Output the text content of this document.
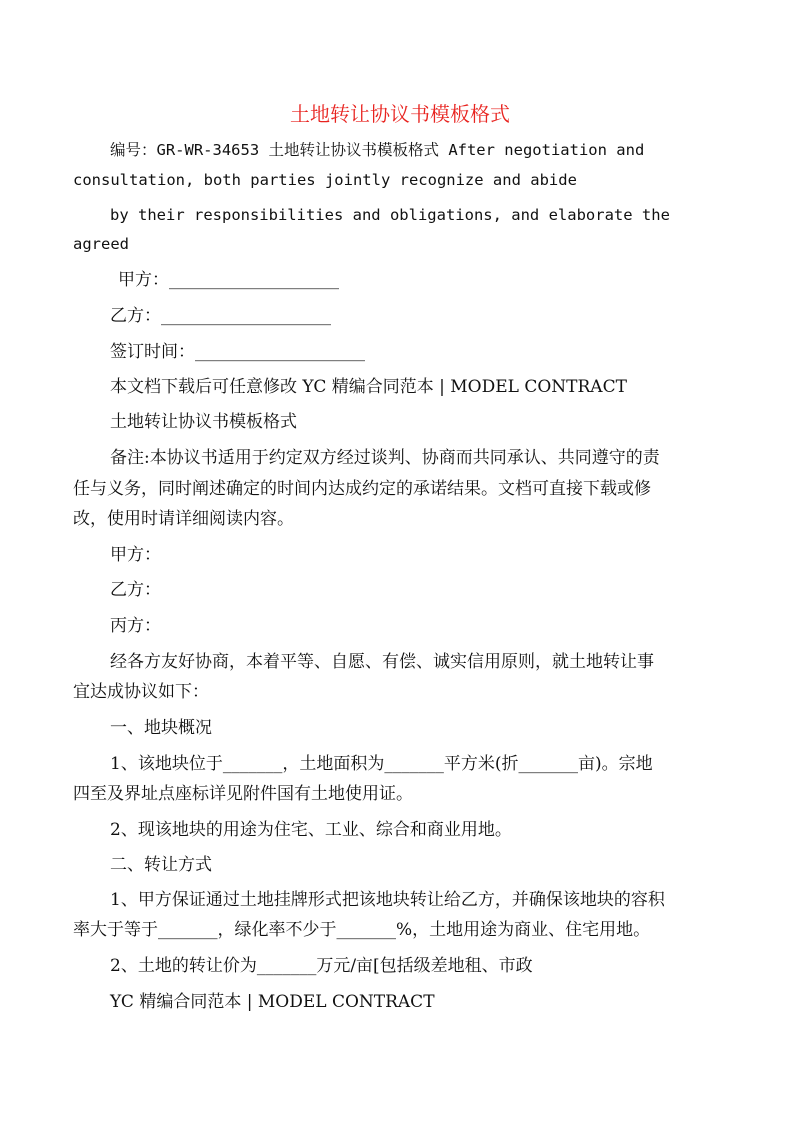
土地转让协议书模板格式
编号：GR-WR-34653 土地转让协议书模板格式 After negotiation and
consultation, both parties jointly recognize and abide
by their responsibilities and obligations, and elaborate the
agreed
甲方：____________________
乙方：____________________
签订时间：____________________
本文档下载后可任意修改 YC 精编合同范本 | MODEL CONTRACT
土地转让协议书模板格式
备注:本协议书适用于约定双方经过谈判、协商而共同承认、共同遵守的责
任与义务，同时阐述确定的时间内达成约定的承诺结果。文档可直接下载或修
改，使用时请详细阅读内容。
甲方：
乙方：
丙方：
经各方友好协商，本着平等、自愿、有偿、诚实信用原则，就土地转让事
宜达成协议如下：
一、地块概况
1、该地块位于_______，土地面积为_______平方米(折_______亩)。宗地
四至及界址点座标详见附件国有土地使用证。
2、现该地块的用途为住宅、工业、综合和商业用地。
二、转让方式
1、甲方保证通过土地挂牌形式把该地块转让给乙方，并确保该地块的容积
率大于等于_______，绿化率不少于_______%，土地用途为商业、住宅用地。
2、土地的转让价为_______万元/亩[包括级差地租、市政
YC 精编合同范本 | MODEL CONTRACT
